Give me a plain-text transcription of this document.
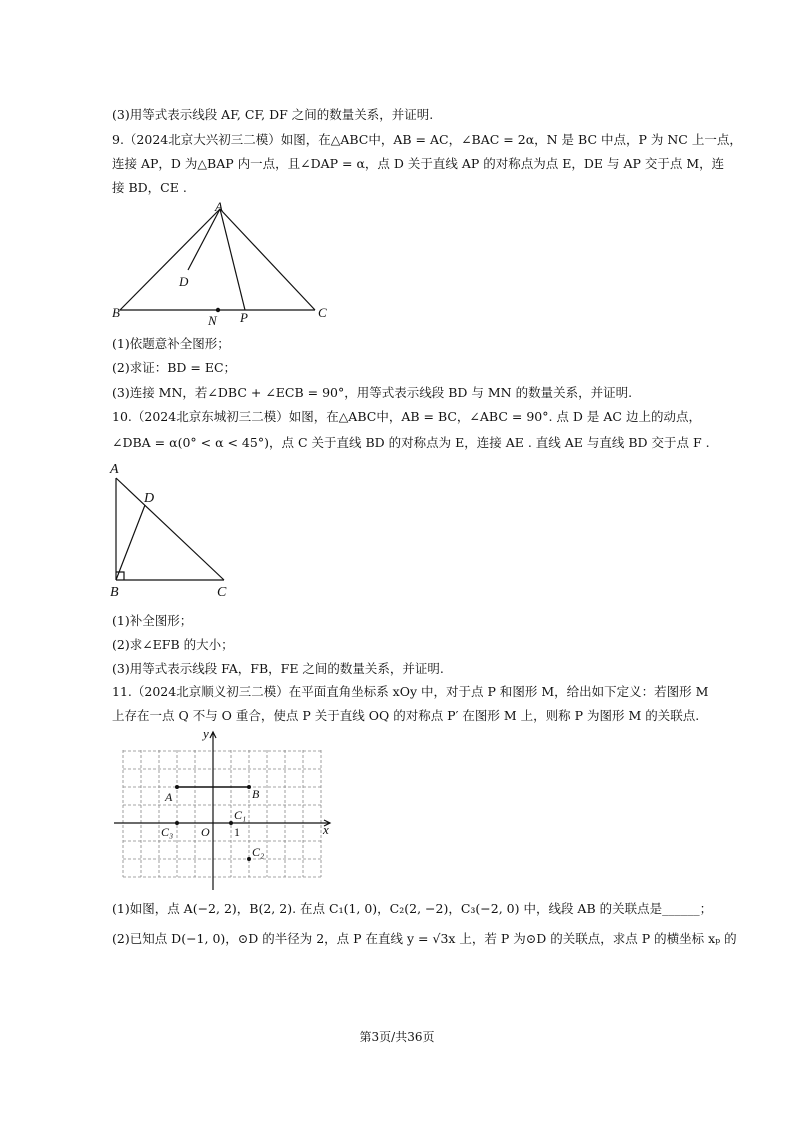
(3)用等式表示线段 AF, CF, DF 之间的数量关系，并证明.
9.（2024北京大兴初三二模）如图，在△ABC中，AB = AC，∠BAC = 2α，N 是 BC 中点，P 为 NC 上一点，
连接 AP，D 为△BAP 内一点，且∠DAP = α，点 D 关于直线 AP 的对称点为点 E，DE 与 AP 交于点 M，连
接 BD，CE .
A
B	C
D
N P
(1)依题意补全图形；
(2)求证：BD = EC；
(3)连接 MN，若∠DBC + ∠ECB = 90°，用等式表示线段 BD 与 MN 的数量关系，并证明.
10.（2024北京东城初三二模）如图，在△ABC中，AB = BC，∠ABC = 90°. 点 D 是 AC 边上的动点，
∠DBA = α(0° < α < 45°)，点 C 关于直线 BD 的对称点为 E，连接 AE . 直线 AE 与直线 BD 交于点 F .
A
D
B	C
(1)补全图形；
(2)求∠EFB 的大小；
(3)用等式表示线段 FA，FB，FE 之间的数量关系，并证明.
11.（2024北京顺义初三二模）在平面直角坐标系 xOy 中，对于点 P 和图形 M，给出如下定义：若图形 M
上存在一点 Q 不与 O 重合，使点 P 关于直线 OQ 的对称点 P′ 在图形 M 上，则称 P 为图形 M 的关联点.
y
x
O 1
A	B
C₁
C₂
C₃
(1)如图，点 A(−2, 2)，B(2, 2). 在点 C₁(1, 0)，C₂(2, −2)，C₃(−2, 0) 中，线段 AB 的关联点是______；
(2)已知点 D(−1, 0)，⊙D 的半径为 2，点 P 在直线 y = √3x 上，若 P 为⊙D 的关联点，求点 P 的横坐标 xₚ 的
第3页/共36页
